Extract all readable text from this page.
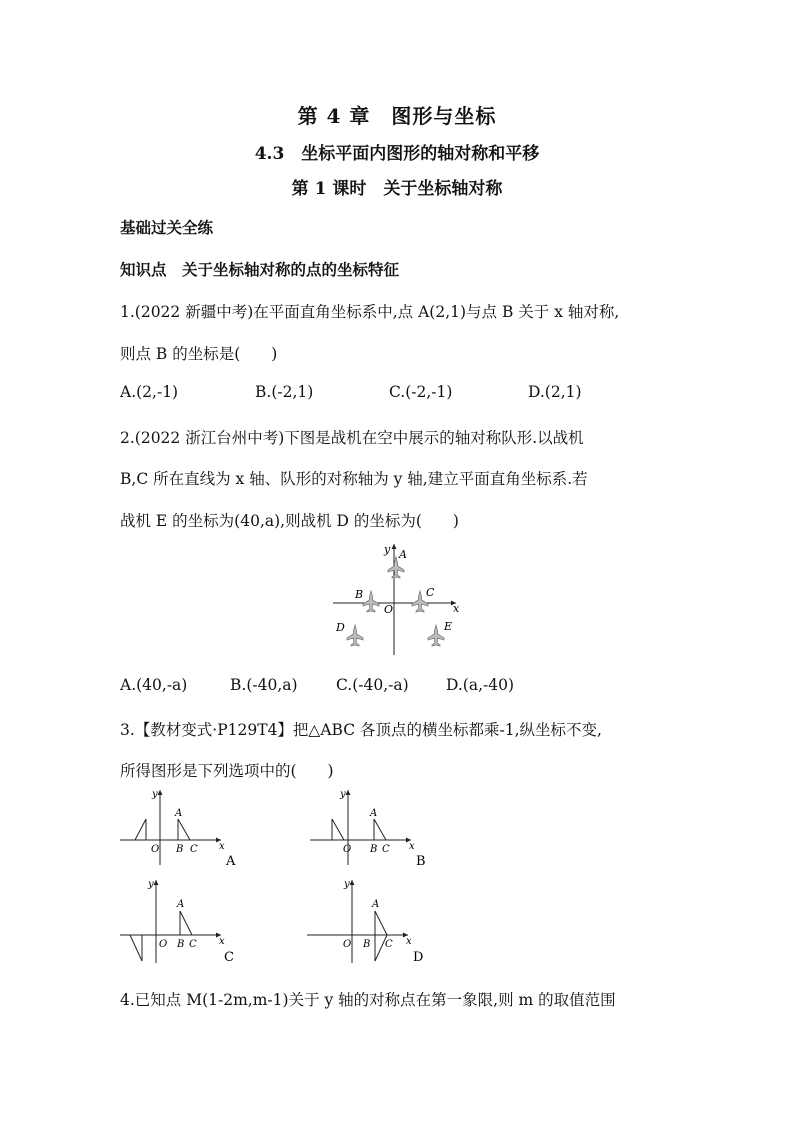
第 4 章　图形与坐标
4.3　坐标平面内图形的轴对称和平移
第 1 课时　关于坐标轴对称
基础过关全练
知识点　关于坐标轴对称的点的坐标特征
1.(2022 新疆中考)在平面直角坐标系中,点 A(2,1)与点 B 关于 x 轴对称,
则点 B 的坐标是(　　)
A.(2,-1)	B.(-2,1)	C.(-2,-1)	D.(2,1)
2.(2022 浙江台州中考)下图是战机在空中展示的轴对称队形.以战机
B,C 所在直线为 x 轴、队形的对称轴为 y 轴,建立平面直角坐标系.若
战机 E 的坐标为(40,a),则战机 D 的坐标为(　　)
y
x
O
A
B	C
D	E
A.(40,-a)	B.(-40,a) C.(-40,-a) D.(a,-40)
3.【教材变式·P129T4】把△ABC 各顶点的横坐标都乘-1,纵坐标不变,
所得图形是下列选项中的(　　)
y
x
O
A
B C
A
y
x
O
A
B C
B
y
x
O
A
B C
C
y
x
O
A
B C
D
4.已知点 M(1-2m,m-1)关于 y 轴的对称点在第一象限,则 m 的取值范围
